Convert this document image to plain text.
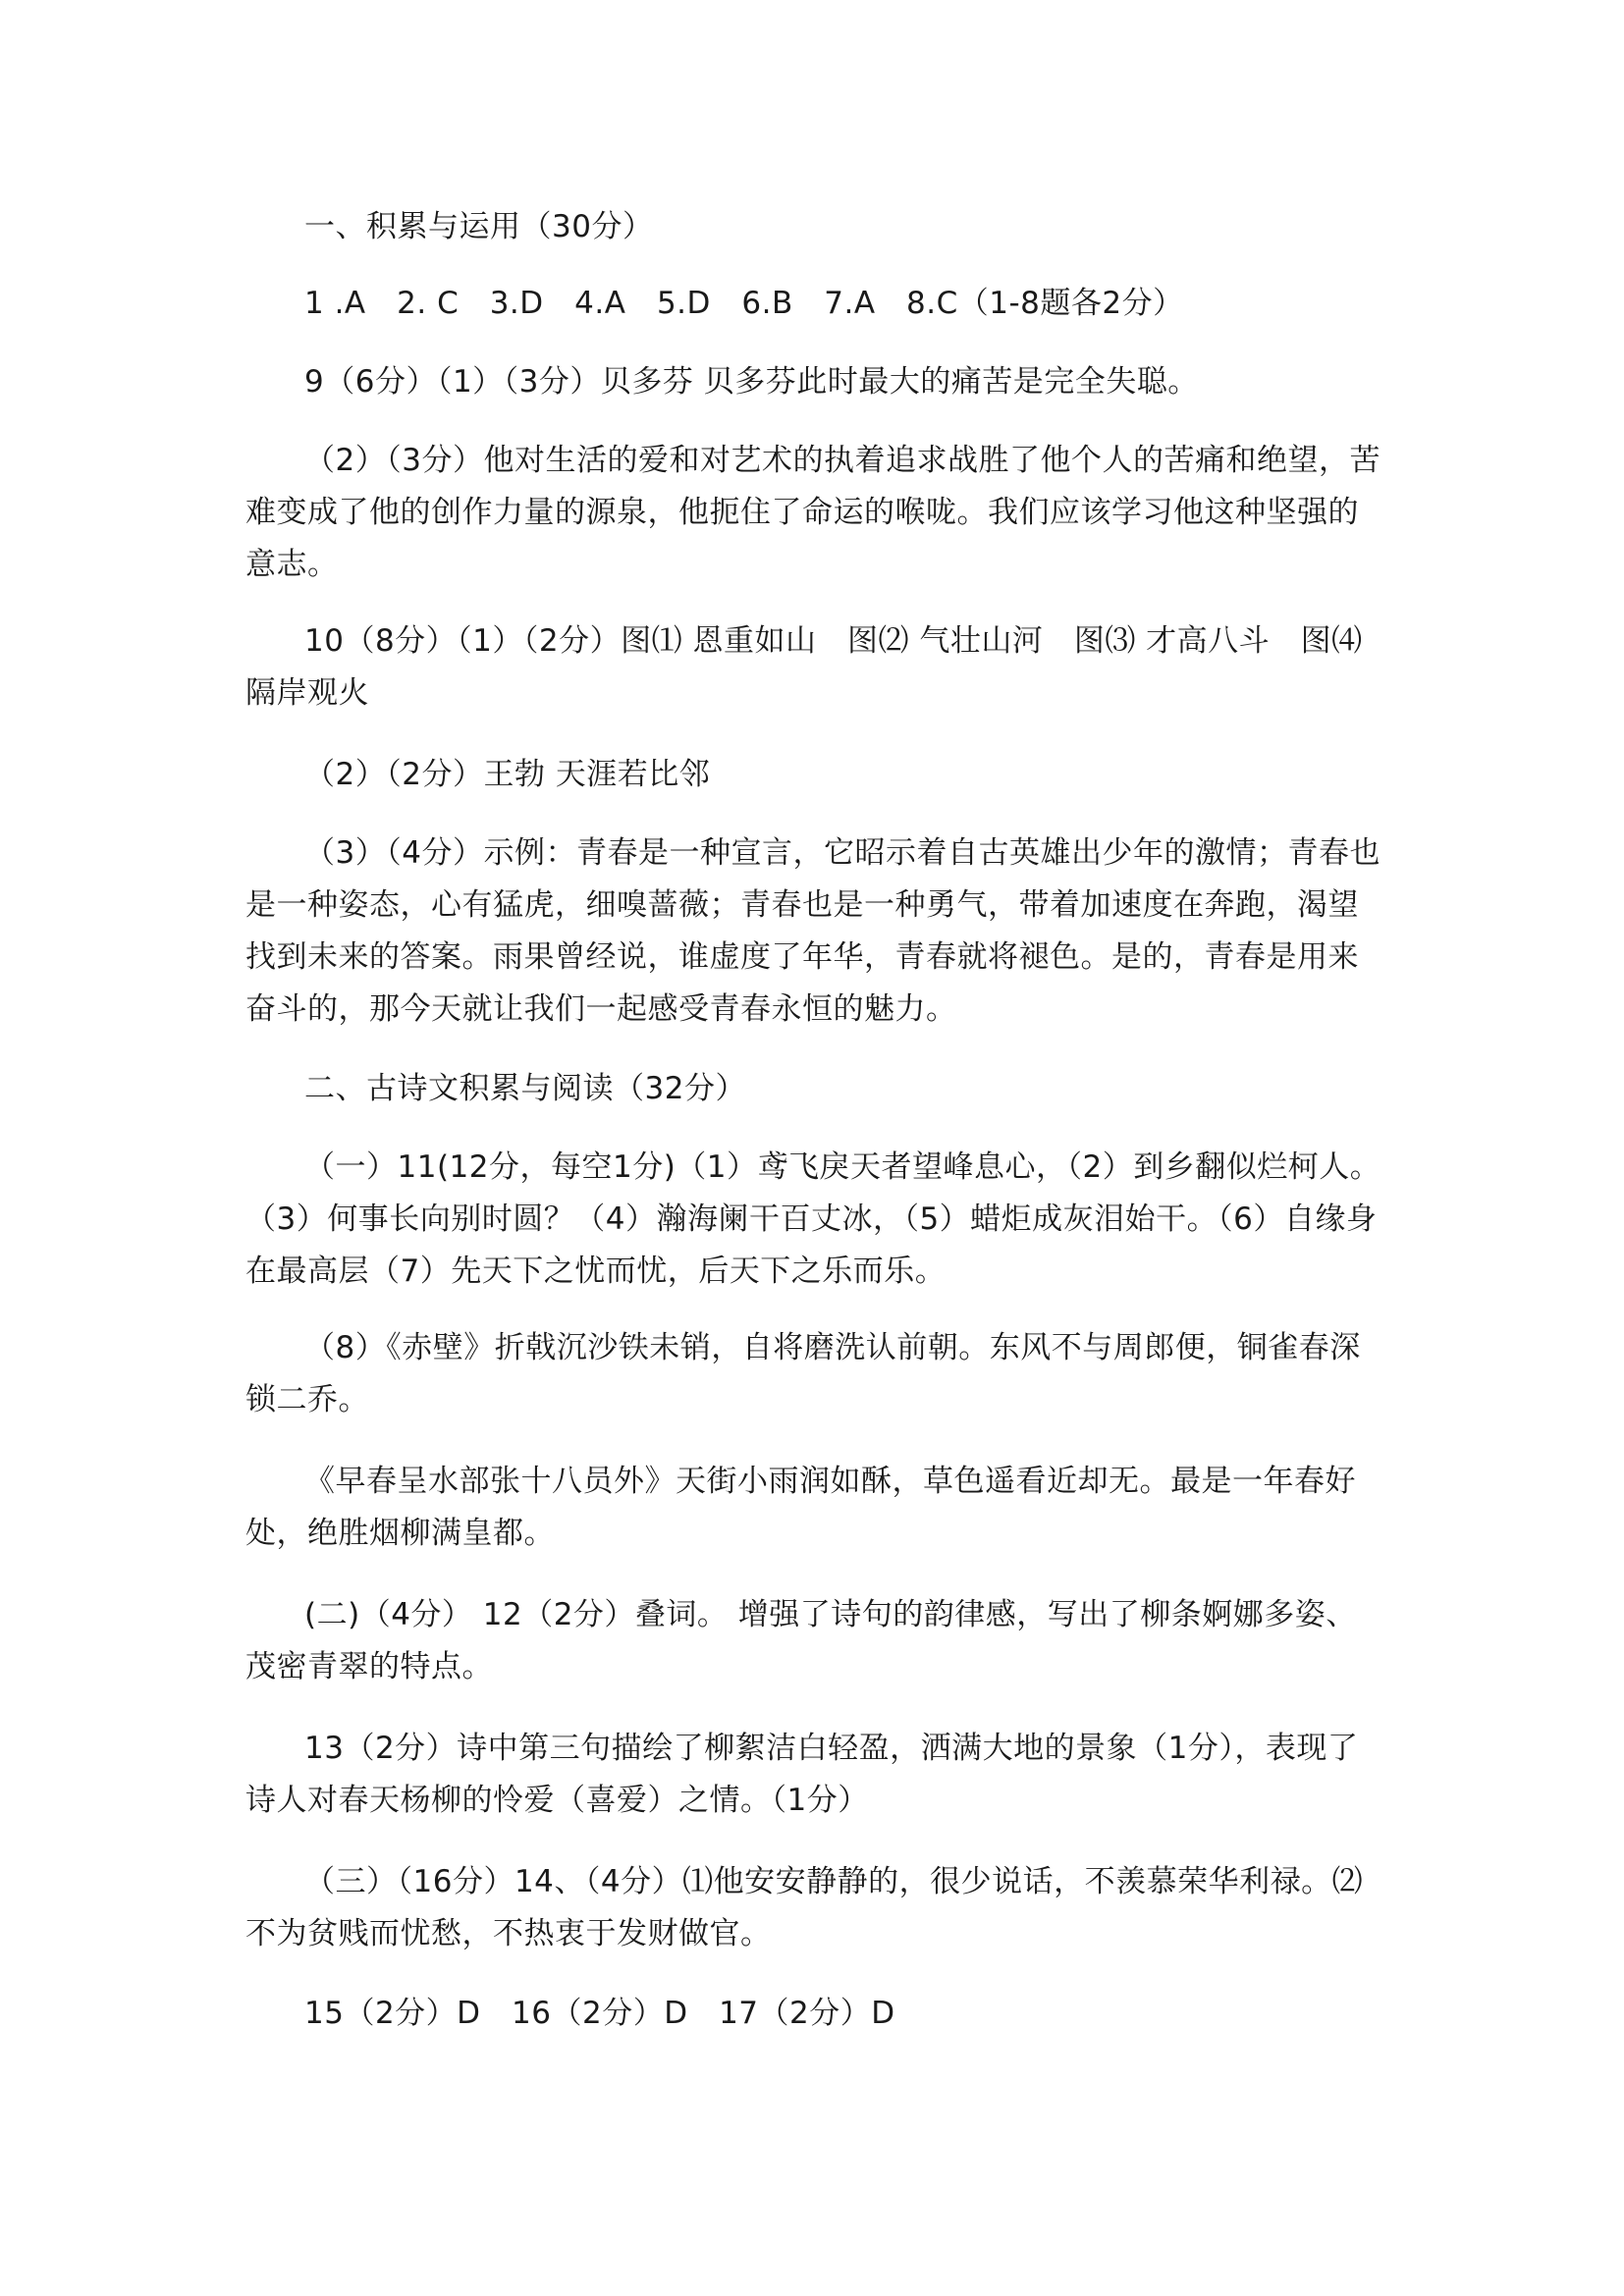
一、积累与运用（30分）

1 .A　2. C　3.D　4.A　5.D　6.B　7.A　8.C（1-8题各2分）

9（6分）（1）（3分）贝多芬 贝多芬此时最大的痛苦是完全失聪。

（2）（3分）他对生活的爱和对艺术的执着追求战胜了他个人的苦痛和绝望，苦难变成了他的创作力量的源泉，他扼住了命运的喉咙。我们应该学习他这种坚强的意志。

10（8分）（1）（2分）图⑴ 恩重如山　图⑵ 气壮山河　图⑶ 才高八斗　图⑷ 隔岸观火

（2）（2分）王勃 天涯若比邻

（3）（4分）示例：青春是一种宣言，它昭示着自古英雄出少年的激情；青春也是一种姿态，心有猛虎，细嗅蔷薇；青春也是一种勇气，带着加速度在奔跑，渴望找到未来的答案。雨果曾经说，谁虚度了年华，青春就将褪色。是的，青春是用来奋斗的，那今天就让我们一起感受青春永恒的魅力。

二、古诗文积累与阅读（32分）

（一）11(12分，每空1分)（1）鸢飞戾天者望峰息心，（2）到乡翻似烂柯人。（3）何事长向别时圆？（4）瀚海阑干百丈冰，（5）蜡炬成灰泪始干。（6）自缘身在最高层（7）先天下之忧而忧，后天下之乐而乐。

（8）《赤壁》折戟沉沙铁未销，自将磨洗认前朝。东风不与周郎便，铜雀春深锁二乔。

《早春呈水部张十八员外》天街小雨润如酥，草色遥看近却无。最是一年春好处，绝胜烟柳满皇都。

(二)（4分） 12（2分）叠词。 增强了诗句的韵律感，写出了柳条婀娜多姿、茂密青翠的特点。

13（2分）诗中第三句描绘了柳絮洁白轻盈，洒满大地的景象（1分），表现了诗人对春天杨柳的怜爱（喜爱）之情。（1分）

（三）（16分）14、（4分）⑴他安安静静的，很少说话，不羡慕荣华利禄。⑵不为贫贱而忧愁，不热衷于发财做官。

15（2分）D　16（2分）D　17（2分）D
